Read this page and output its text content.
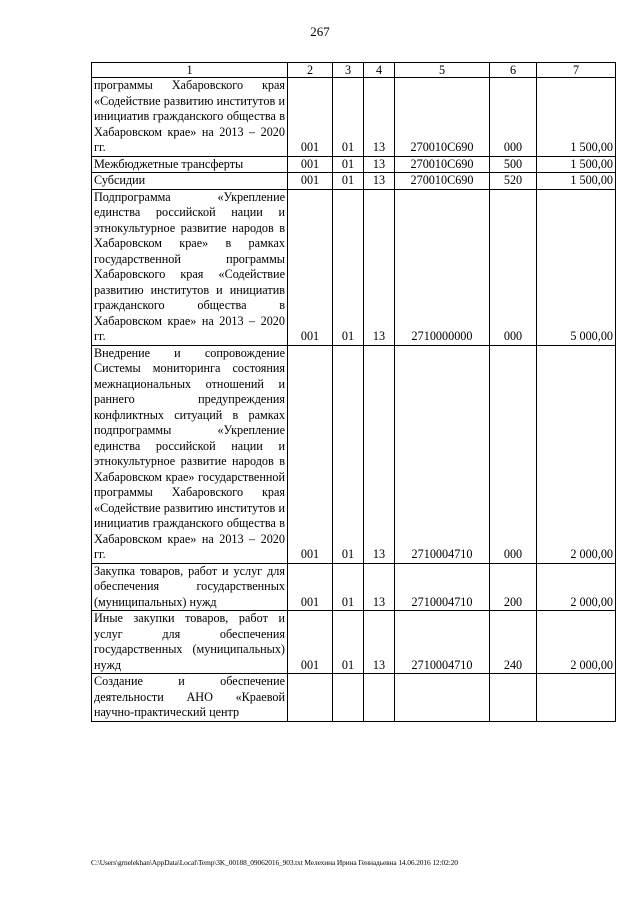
267
1	2	3	4	5	6	7
программы Хабаровского края «Содействие развитию институтов и инициатив гражданского общества в Хабаровском крае» на 2013 – 2020 гг.	001	01	13	270010С690	000	1 500,00
Межбюджетные трансферты	001	01	13	270010С690	500	1 500,00
Субсидии	001	01	13	270010С690	520	1 500,00
Подпрограмма «Укрепление единства российской нации и этнокультурное развитие народов в Хабаровском крае» в рамках государственной программы Хабаровского края «Содействие развитию институтов и инициатив гражданского общества в Хабаровском крае» на 2013 – 2020 гг.	001	01	13	2710000000	000	5 000,00
Внедрение и сопровождение Системы мониторинга состояния межнациональных отношений и раннего предупреждения конфликтных ситуаций в рамках подпрограммы «Укрепление единства российской нации и этнокультурное развитие народов в Хабаровском крае» государственной программы Хабаровского края «Содействие развитию институтов и инициатив гражданского общества в Хабаровском крае» на 2013 – 2020 гг.	001	01	13	2710004710	000	2 000,00
Закупка товаров, работ и услуг для обеспечения государственных (муниципальных) нужд	001	01	13	2710004710	200	2 000,00
Иные закупки товаров, работ и услуг для обеспечения государственных (муниципальных) нужд	001	01	13	2710004710	240	2 000,00
Создание и обеспечение деятельности АНО «Краевой научно-практический центр						
C:\Users\grnelekhan\AppData\Local\Temp\3K_00188_09062016_903.txt Мелехина Ирина Геннадьевна 14.06.2016 12:02:20
